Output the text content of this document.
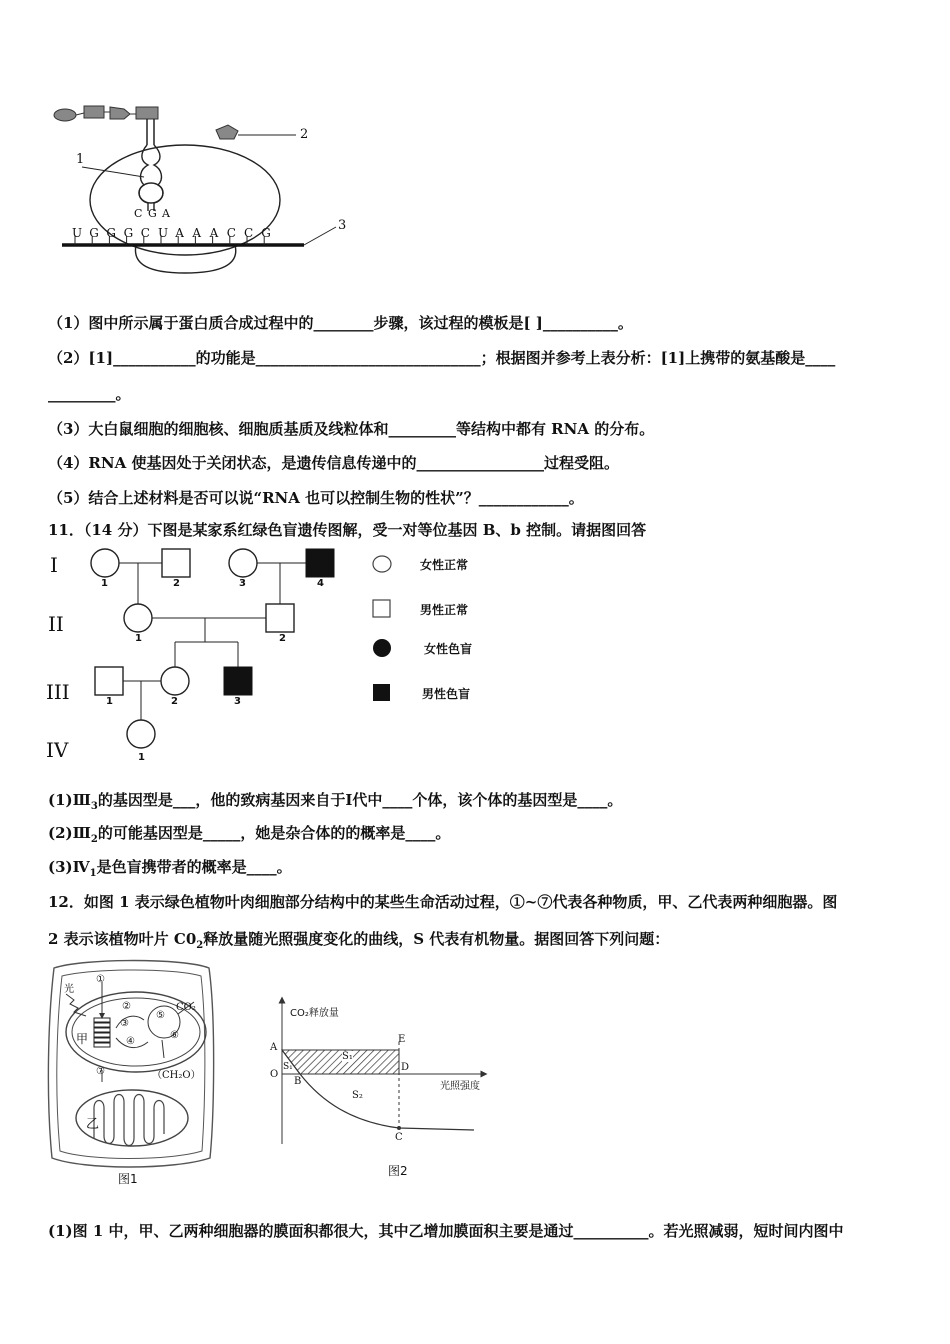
1
2
3
C G A
U G G G C U A A A C C G
（1）图中所示属于蛋白质合成过程中的________步骤，该过程的模板是[ ]__________。
（2）[1]___________的功能是______________________________；根据图并参考上表分析：[1]上携带的氨基酸是____
_________。
（3）大白鼠细胞的细胞核、细胞质基质及线粒体和_________等结构中都有 RNA 的分布。
（4）RNA 使基因处于关闭状态，是遗传信息传递中的_________________过程受阻。
（5）结合上述材料是否可以说“RNA 也可以控制生物的性状”？____________。
11．（14 分）下图是某家系红绿色盲遗传图解，受一对等位基因 B、b 控制。请据图回答
I
II
III
IV
1	2	3	4
1	2
1	2	3
1
女性正常
男性正常
女性色盲
男性色盲
$(1)Ⅲ_3$的基因型是___，他的致病基因来自于Ⅰ代中____个体，该个体的基因型是____。
$(2)Ⅲ_2$的可能基因型是_____，她是杂合体的的概率是____。
$(3)Ⅳ_1$是色盲携带者的概率是____。
12．如图 1 表示绿色植物叶肉细胞部分结构中的某些生命活动过程，①~⑦代表各种物质，甲、乙代表两种细胞器。图
2 表示该植物叶片 $C0_2$释放量随光照强度变化的曲线，S 代表有机物量。据图回答下列问题：
光
CO₂
甲
乙
（CH₂O）
①
②
③
④
⑤
⑥
⑦
图1
CO₂释放量
光照强度
A
O
B
C
D
E
S₁
S₁
S₂
图2
(1)图 1 中，甲、乙两种细胞器的膜面积都很大，其中乙增加膜面积主要是通过__________。若光照减弱，短时间内图中
